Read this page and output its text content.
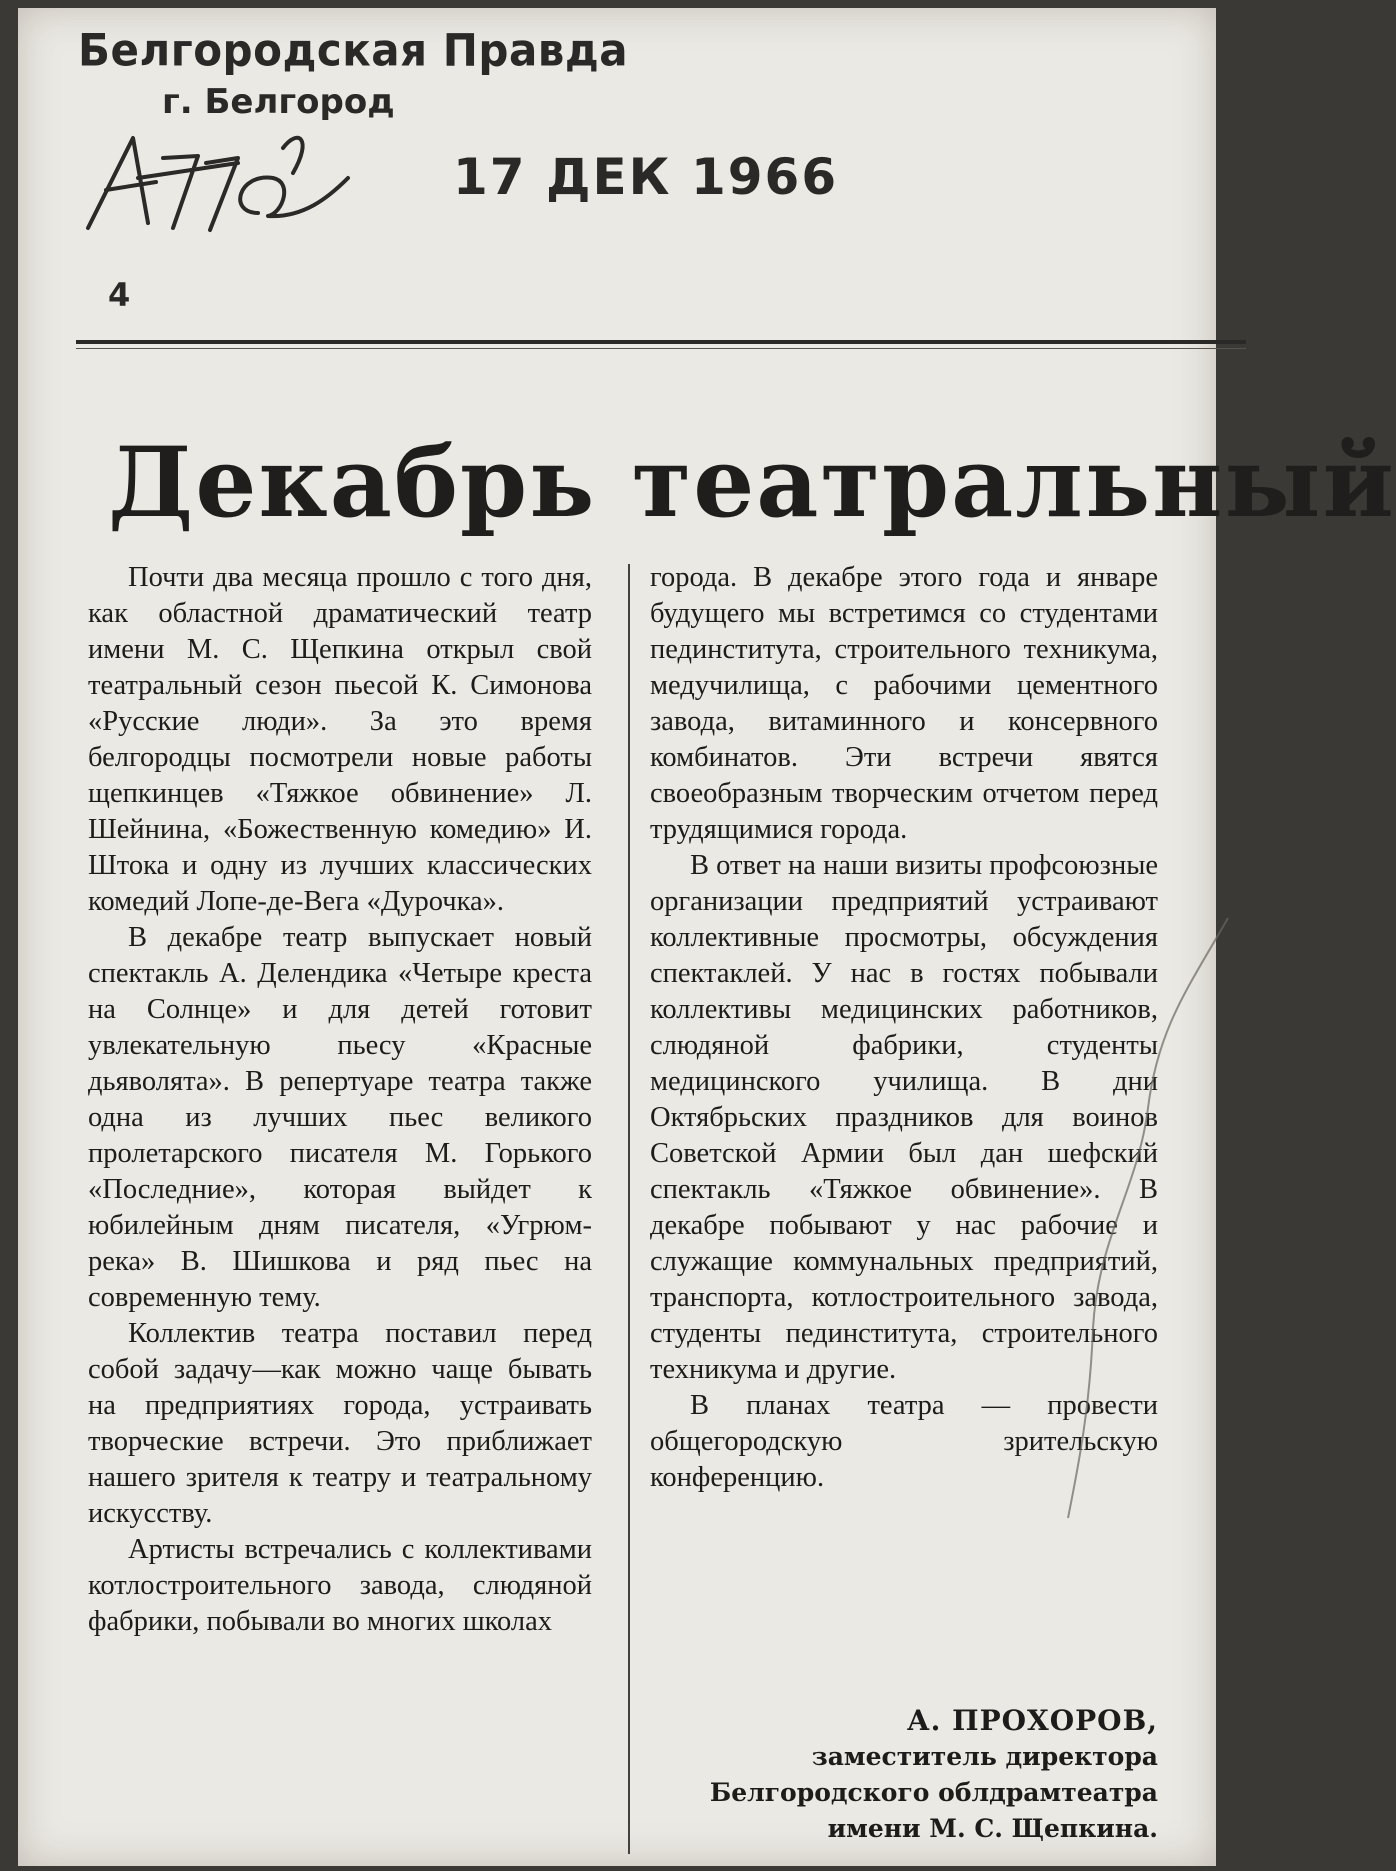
Белгородская Правда
г. Белгород
17 ДЕК 1966
4
Декабрь театральный

Почти два месяца прошло с того дня, как областной драматический театр имени М. С. Щепкина открыл свой театральный сезон пьесой К. Симонова «Русские люди». За это время белгородцы посмотрели новые работы щепкинцев «Тяжкое обвинение» Л. Шейнина, «Божественную комедию» И. Штока и одну из лучших классических комедий Лопе-де-Вега «Дурочка».

В декабре театр выпускает новый спектакль А. Делендика «Четыре креста на Солнце» и для детей готовит увлекательную пьесу «Красные дьяволята». В репертуаре театра также одна из лучших пьес великого пролетарского писателя М. Горького «Последние», которая выйдет к юбилейным дням писателя, «Угрюм-река» В. Шишкова и ряд пьес на современную тему.

Коллектив театра поставил перед собой задачу—как можно чаще бывать на предприятиях города, устраивать творческие встречи. Это приближает нашего зрителя к театру и театральному искусству.

Артисты встречались с коллективами котлостроительного завода, слюдяной фабрики, побывали во многих школах

города. В декабре этого года и январе будущего мы встретимся со студентами пединститута, строительного техникума, медучилища, с рабочими цементного завода, витаминного и консервного комбинатов. Эти встречи явятся своеобразным творческим отчетом перед трудящимися города.

В ответ на наши визиты профсоюзные организации предприятий устраивают коллективные просмотры, обсуждения спектаклей. У нас в гостях побывали коллективы медицинских работников, слюдяной фабрики, студенты медицинского училища. В дни Октябрьских праздников для воинов Советской Армии был дан шефский спектакль «Тяжкое обвинение». В декабре побывают у нас рабочие и служащие коммунальных предприятий, транспорта, котлостроительного завода, студенты пединститута, строительного техникума и другие.

В планах театра — провести общегородскую зрительскую конференцию.

А. ПРОХОРОВ,
заместитель директора
Белгородского облдрамтеатра
имени М. С. Щепкина.
